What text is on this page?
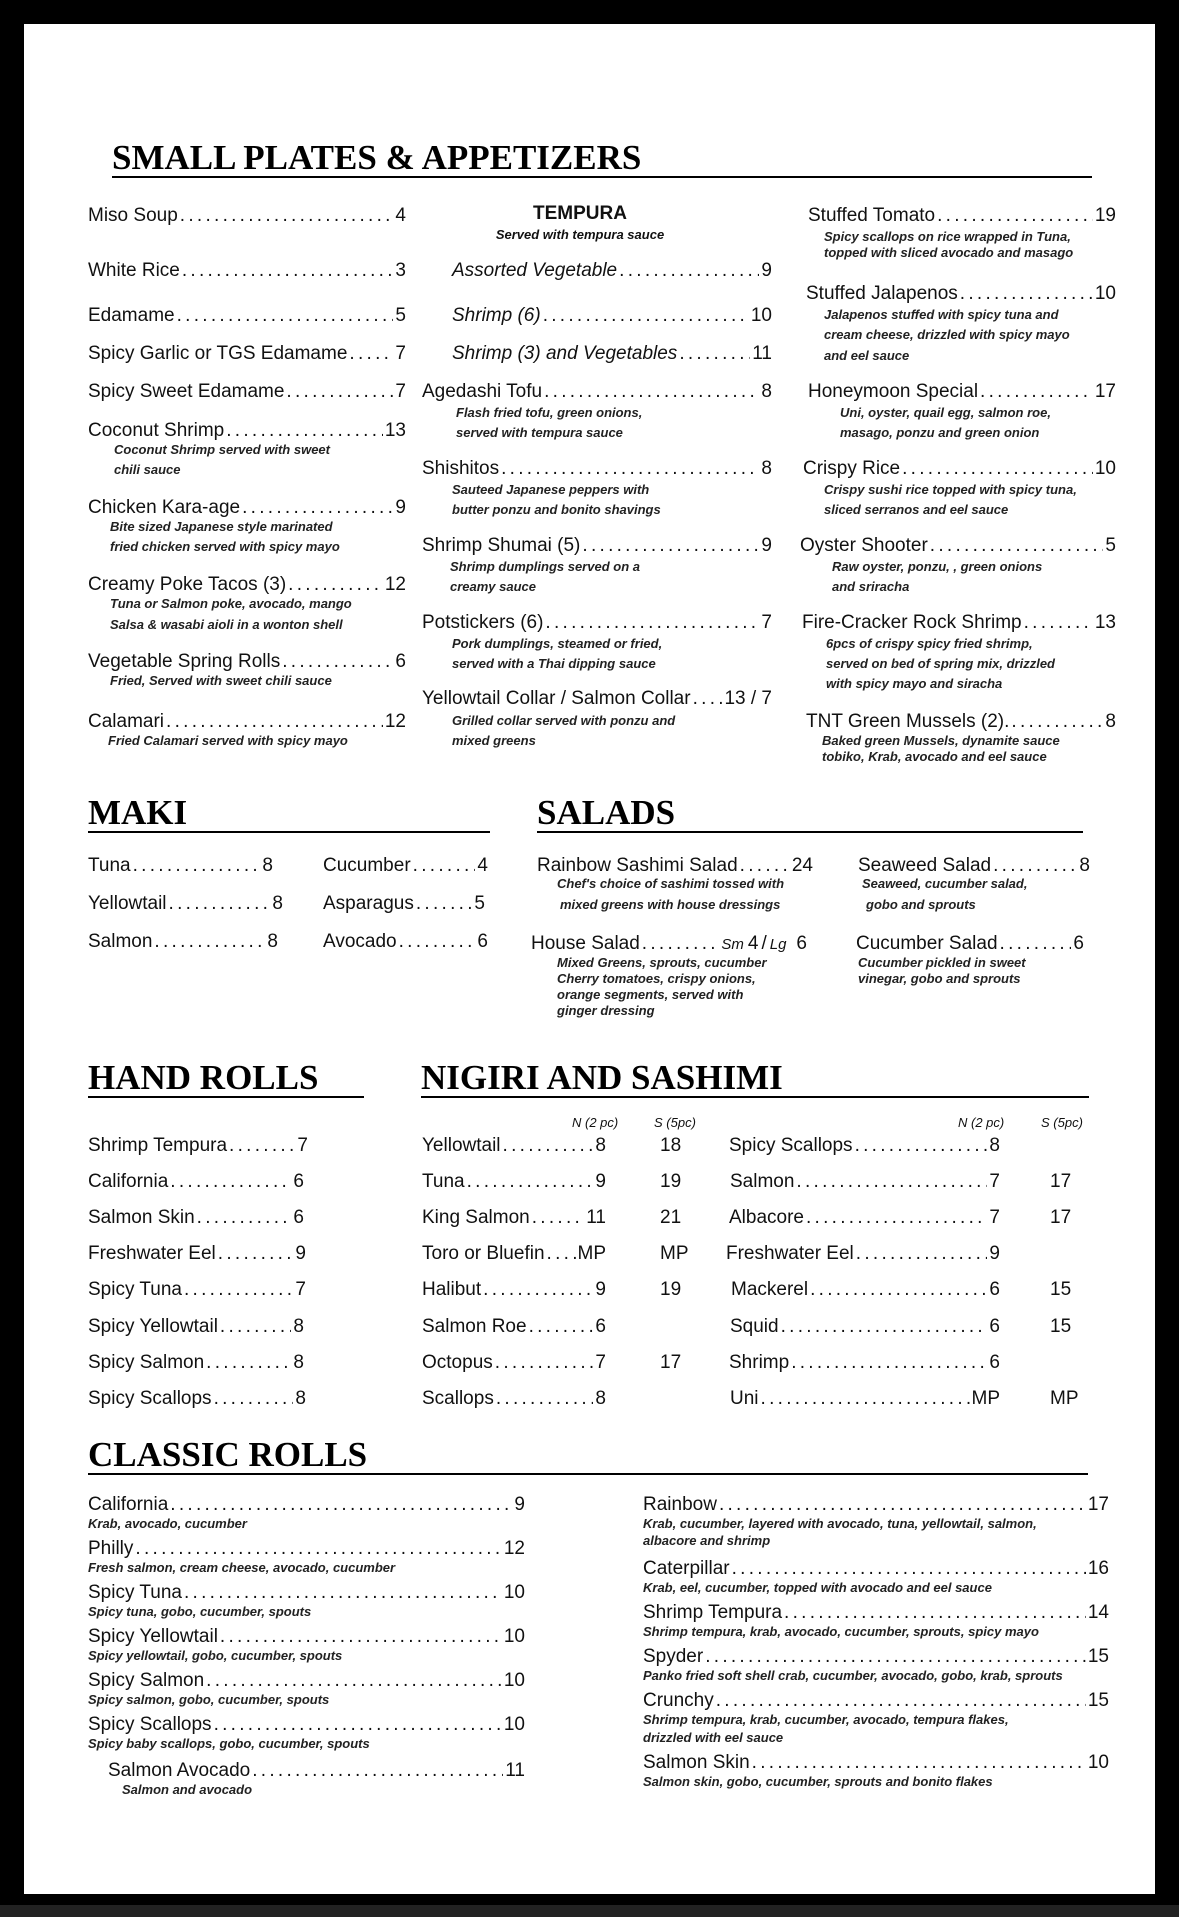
SMALL PLATES & APPETIZERS
Miso Soup . . .	4
White Rice . . .	3
Edamame . . .	5
Spicy Garlic or TGS Edamame . . .	7
Spicy Sweet Edamame . . .	7
Coconut Shrimp . . .	13
Coconut Shrimp served with sweet
chili sauce
Chicken Kara-age . . .	9
Bite sized Japanese style marinated
fried chicken served with spicy mayo
Creamy Poke Tacos (3) . . .	12
Tuna or Salmon poke, avocado, mango
Salsa & wasabi aioli in a wonton shell
Vegetable Spring Rolls . . .	6
Fried, Served with sweet chili sauce
Calamari . . .	12
Fried Calamari served with spicy mayo
TEMPURA
Served with tempura sauce
Assorted Vegetable . . .	9
Shrimp (6) . . .	10
Shrimp (3) and Vegetables . . .	11
Agedashi Tofu . . .	8
Flash fried tofu, green onions,
served with tempura sauce
Shishitos . . .	8
Sauteed Japanese peppers with
butter ponzu and bonito shavings
Shrimp Shumai (5) . . .	9
Shrimp dumplings served on a
creamy sauce
Potstickers (6) . . .	7
Pork dumplings, steamed or fried,
served with a Thai dipping sauce
Yellowtail Collar / Salmon Collar . . . 13 / 7
Grilled collar served with ponzu and
mixed greens
Stuffed Tomato . . .	19
Spicy scallops on rice wrapped in Tuna,
topped with sliced avocado and masago
Stuffed Jalapenos . . .	10
Jalapenos stuffed with spicy tuna and
cream cheese, drizzled with spicy mayo
and eel sauce
Honeymoon Special . . .	17
Uni, oyster, quail egg, salmon roe,
masago, ponzu and green onion
Crispy Rice . . .	10
Crispy sushi rice topped with spicy tuna,
sliced serranos and eel sauce
Oyster Shooter . . .	5
Raw oyster, ponzu, , green onions
and sriracha
Fire-Cracker Rock Shrimp . . .	13
6pcs of crispy spicy fried shrimp,
served on bed of spring mix, drizzled
with spicy mayo and siracha
TNT Green Mussels (2). . . .	8
Baked green Mussels, dynamite sauce
tobiko, Krab, avocado and eel sauce
MAKI
Tuna . . .	8
Yellowtail . . .	8
Salmon . . .	8
Cucumber . . .	4
Asparagus . . .	5
Avocado . . .	6
SALADS
Rainbow Sashimi Salad . . .	24
Chef's choice of sashimi tossed with
mixed greens with house dressings
House Salad . . .	Sm 4 / Lg 6
Mixed Greens, sprouts, cucumber
Cherry tomatoes, crispy onions,
orange segments, served with
ginger dressing
Seaweed Salad . . .	8
Seaweed, cucumber salad,
gobo and sprouts
Cucumber Salad . . .	6
Cucumber pickled in sweet
vinegar, gobo and sprouts
HAND ROLLS
Shrimp Tempura . . .	7
California . . .	6
Salmon Skin . . .	6
Freshwater Eel . . .	9
Spicy Tuna . . .	7
Spicy Yellowtail . . .	8
Spicy Salmon . . .	8
Spicy Scallops . . .	8
NIGIRI AND SASHIMI
N (2 pc)	S (5pc)	N (2 pc)	S (5pc)
Yellowtail . . .	8	18
Tuna . . .	9	19
King Salmon . . .	11	21
Toro or Bluefin . . . MP	MP
Halibut . . .	9	19
Salmon Roe . . .	6
Octopus . . .	7	17
Scallops . . .	8
Spicy Scallops . . .	8
Salmon . . .	7	17
Albacore . . .	7	17
Freshwater Eel . . .	9
Mackerel . . .	6	15
Squid . . .	6	15
Shrimp . . .	6
Uni . . .	MP	MP
CLASSIC ROLLS
California . . .	9
Krab, avocado, cucumber
Philly . . .	12
Fresh salmon, cream cheese, avocado, cucumber
Spicy Tuna . . .	10
Spicy tuna, gobo, cucumber, spouts
Spicy Yellowtail . . .	10
Spicy yellowtail, gobo, cucumber, spouts
Spicy Salmon . . .	10
Spicy salmon, gobo, cucumber, spouts
Spicy Scallops . . .	10
Spicy baby scallops, gobo, cucumber, spouts
Salmon Avocado . . .	11
Salmon and avocado
Rainbow . . .	17
Krab, cucumber, layered with avocado, tuna, yellowtail, salmon,
albacore and shrimp
Caterpillar . . .	16
Krab, eel, cucumber, topped with avocado and eel sauce
Shrimp Tempura . . .	14
Shrimp tempura, krab, avocado, cucumber, sprouts, spicy mayo
Spyder . . .	15
Panko fried soft shell crab, cucumber, avocado, gobo, krab, sprouts
Crunchy . . .	15
Shrimp tempura, krab, cucumber, avocado, tempura flakes,
drizzled with eel sauce
Salmon Skin . . .	10
Salmon skin, gobo, cucumber, sprouts and bonito flakes
